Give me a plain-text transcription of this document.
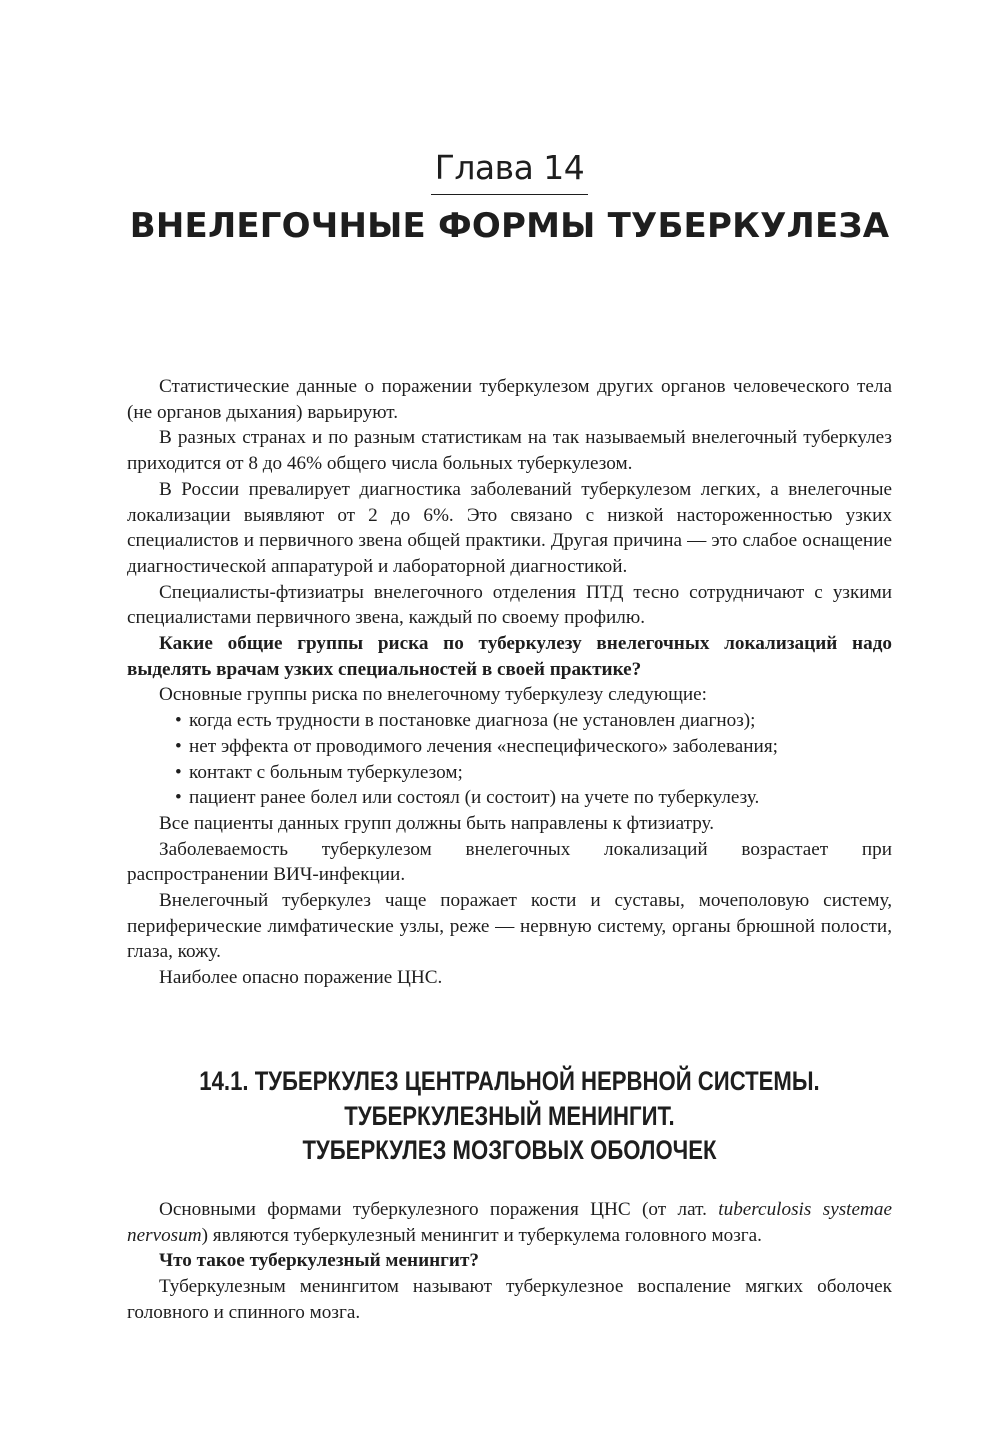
Глава 14
ВНЕЛЕГОЧНЫЕ ФОРМЫ ТУБЕРКУЛЕЗА

Статистические данные о поражении туберкулезом других органов человеческого тела (не органов дыхания) варьируют.

В разных странах и по разным статистикам на так называемый внелегочный туберкулез приходится от 8 до 46% общего числа больных туберкулезом.

В России превалирует диагностика заболеваний туберкулезом легких, а внелегочные локализации выявляют от 2 до 6%. Это связано с низкой настороженностью узких специалистов и первичного звена общей практики. Другая причина — это слабое оснащение диагностической аппаратурой и лабораторной диагностикой.

Специалисты-фтизиатры внелегочного отделения ПТД тесно сотрудничают с узкими специалистами первичного звена, каждый по своему профилю.

Какие общие группы риска по туберкулезу внелегочных локализаций надо выделять врачам узких специальностей в своей практике?

Основные группы риска по внелегочному туберкулезу следующие:

• когда есть трудности в постановке диагноза (не установлен диагноз);
• нет эффекта от проводимого лечения «неспецифического» заболевания;
• контакт с больным туберкулезом;
• пациент ранее болел или состоял (и состоит) на учете по туберкулезу.

Все пациенты данных групп должны быть направлены к фтизиатру.

Заболеваемость туберкулезом внелегочных локализаций возрастает при распространении ВИЧ-инфекции.

Внелегочный туберкулез чаще поражает кости и суставы, мочеполовую систему, периферические лимфатические узлы, реже — нервную систему, органы брюшной полости, глаза, кожу.

Наиболее опасно поражение ЦНС.

14.1. ТУБЕРКУЛЕЗ ЦЕНТРАЛЬНОЙ НЕРВНОЙ СИСТЕМЫ.
ТУБЕРКУЛЕЗНЫЙ МЕНИНГИТ.
ТУБЕРКУЛЕЗ МОЗГОВЫХ ОБОЛОЧЕК

Основными формами туберкулезного поражения ЦНС (от лат. tuberculosis systemae nervosum) являются туберкулезный менингит и туберкулема головного мозга.

Что такое туберкулезный менингит?

Туберкулезным менингитом называют туберкулезное воспаление мягких оболочек головного и спинного мозга.
